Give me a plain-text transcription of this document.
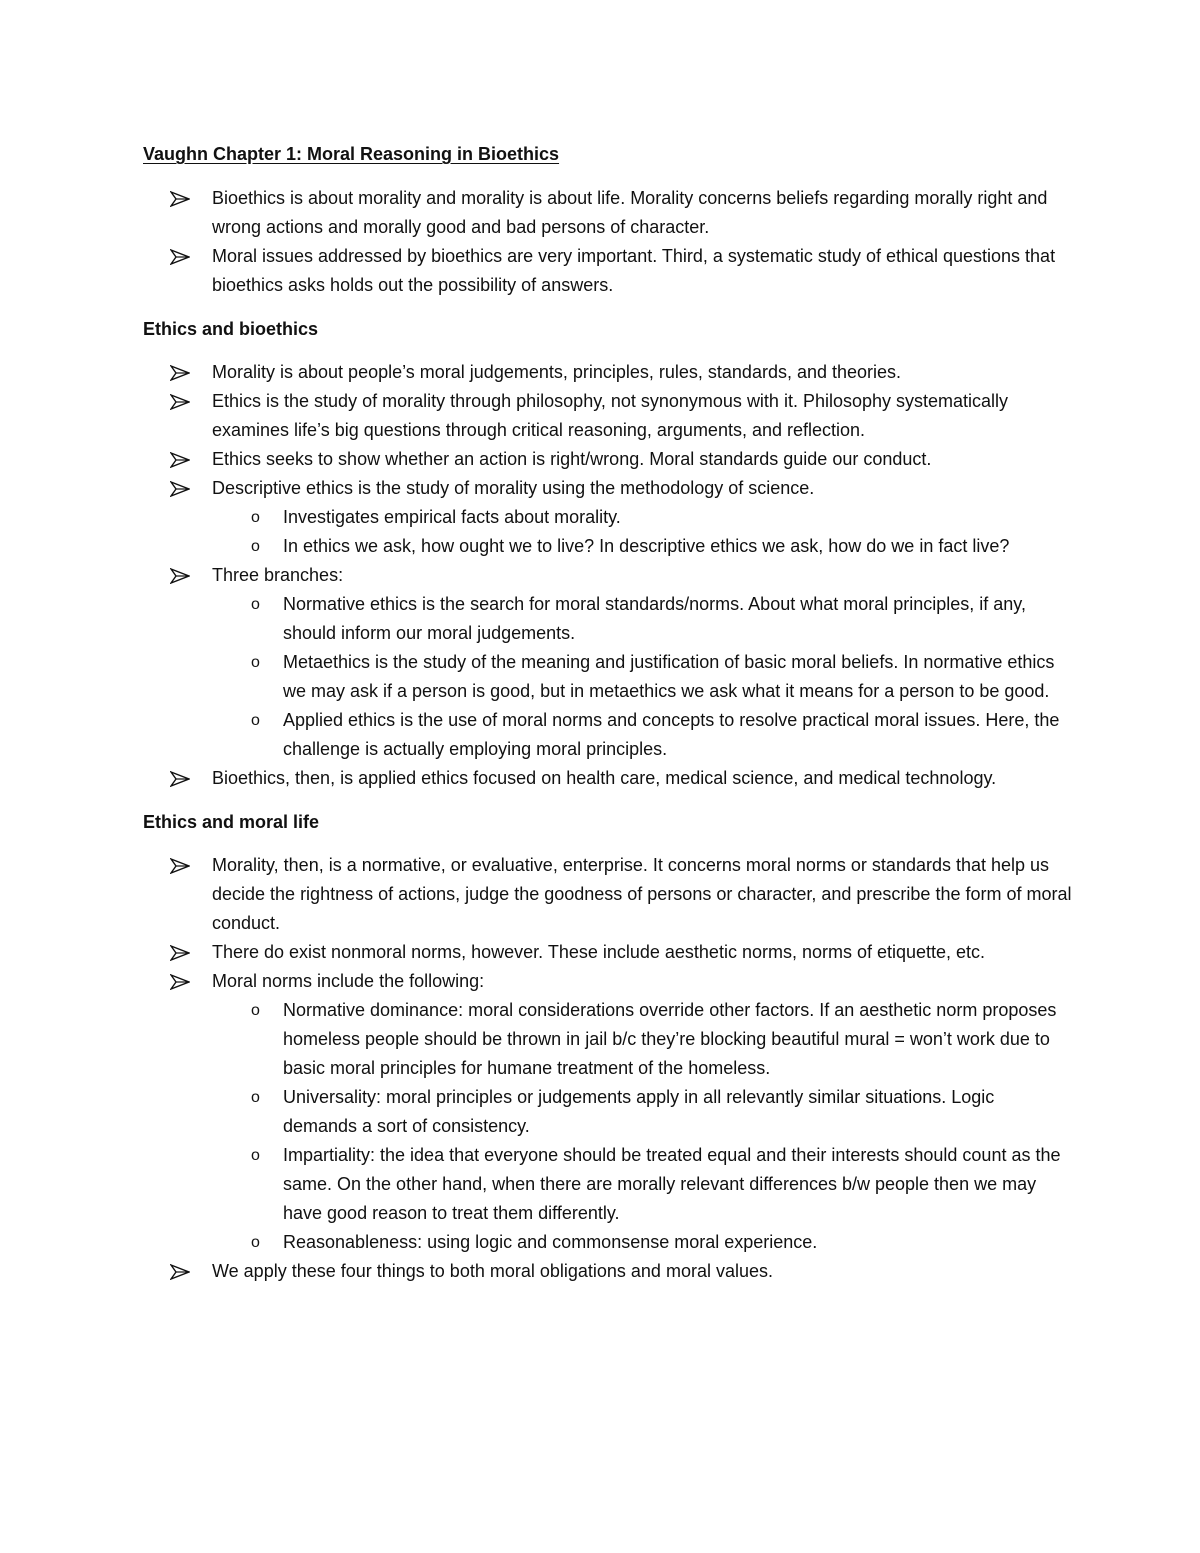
Vaughn Chapter 1: Moral Reasoning in Bioethics

Bioethics is about morality and morality is about life. Morality concerns beliefs regarding morally right and wrong actions and morally good and bad persons of character.
Moral issues addressed by bioethics are very important. Third, a systematic study of ethical questions that bioethics asks holds out the possibility of answers.

Ethics and bioethics

Morality is about people’s moral judgements, principles, rules, standards, and theories.
Ethics is the study of morality through philosophy, not synonymous with it. Philosophy systematically examines life’s big questions through critical reasoning, arguments, and reflection.
Ethics seeks to show whether an action is right/wrong. Moral standards guide our conduct.
Descriptive ethics is the study of morality using the methodology of science.
o Investigates empirical facts about morality.
o In ethics we ask, how ought we to live? In descriptive ethics we ask, how do we in fact live?
Three branches:
o Normative ethics is the search for moral standards/norms. About what moral principles, if any, should inform our moral judgements.
o Metaethics is the study of the meaning and justification of basic moral beliefs. In normative ethics we may ask if a person is good, but in metaethics we ask what it means for a person to be good.
o Applied ethics is the use of moral norms and concepts to resolve practical moral issues. Here, the challenge is actually employing moral principles.
Bioethics, then, is applied ethics focused on health care, medical science, and medical technology.

Ethics and moral life

Morality, then, is a normative, or evaluative, enterprise. It concerns moral norms or standards that help us decide the rightness of actions, judge the goodness of persons or character, and prescribe the form of moral conduct.
There do exist nonmoral norms, however. These include aesthetic norms, norms of etiquette, etc.
Moral norms include the following:
o Normative dominance: moral considerations override other factors. If an aesthetic norm proposes homeless people should be thrown in jail b/c they’re blocking beautiful mural = won’t work due to basic moral principles for humane treatment of the homeless.
o Universality: moral principles or judgements apply in all relevantly similar situations. Logic demands a sort of consistency.
o Impartiality: the idea that everyone should be treated equal and their interests should count as the same. On the other hand, when there are morally relevant differences b/w people then we may have good reason to treat them differently.
o Reasonableness: using logic and commonsense moral experience.
We apply these four things to both moral obligations and moral values.
